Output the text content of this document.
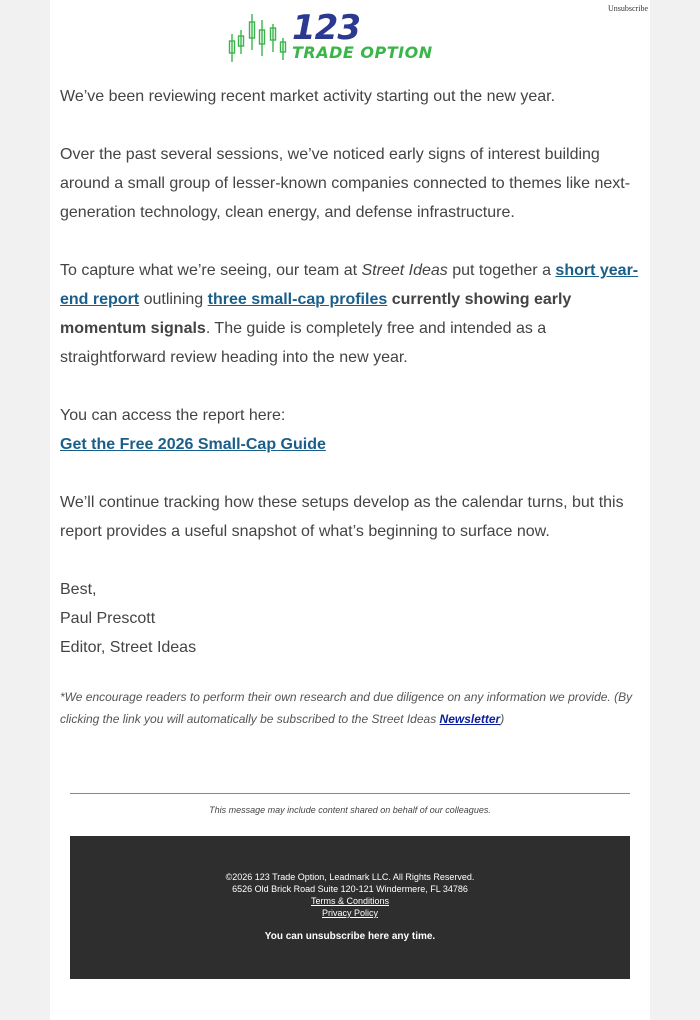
Unsubscribe
123
TRADE OPTION

We’ve been reviewing recent market activity starting out the new year.

Over the past several sessions, we’ve noticed early signs of interest building around a small group of lesser-known companies connected to themes like next-generation technology, clean energy, and defense infrastructure.

To capture what we’re seeing, our team at Street Ideas put together a short year-end report outlining three small-cap profiles currently showing early momentum signals. The guide is completely free and intended as a straightforward review heading into the new year.

You can access the report here:
Get the Free 2026 Small-Cap Guide

We’ll continue tracking how these setups develop as the calendar turns, but this report provides a useful snapshot of what’s beginning to surface now.

Best,
Paul Prescott
Editor, Street Ideas

*We encourage readers to perform their own research and due diligence on any information we provide. (By clicking the link you will automatically be subscribed to the Street Ideas Newsletter)
This message may include content shared on behalf of our colleagues.
©2026 123 Trade Option, Leadmark LLC. All Rights Reserved.
6526 Old Brick Road Suite 120-121 Windermere, FL 34786
Terms & Conditions
Privacy Policy
You can unsubscribe here any time.
